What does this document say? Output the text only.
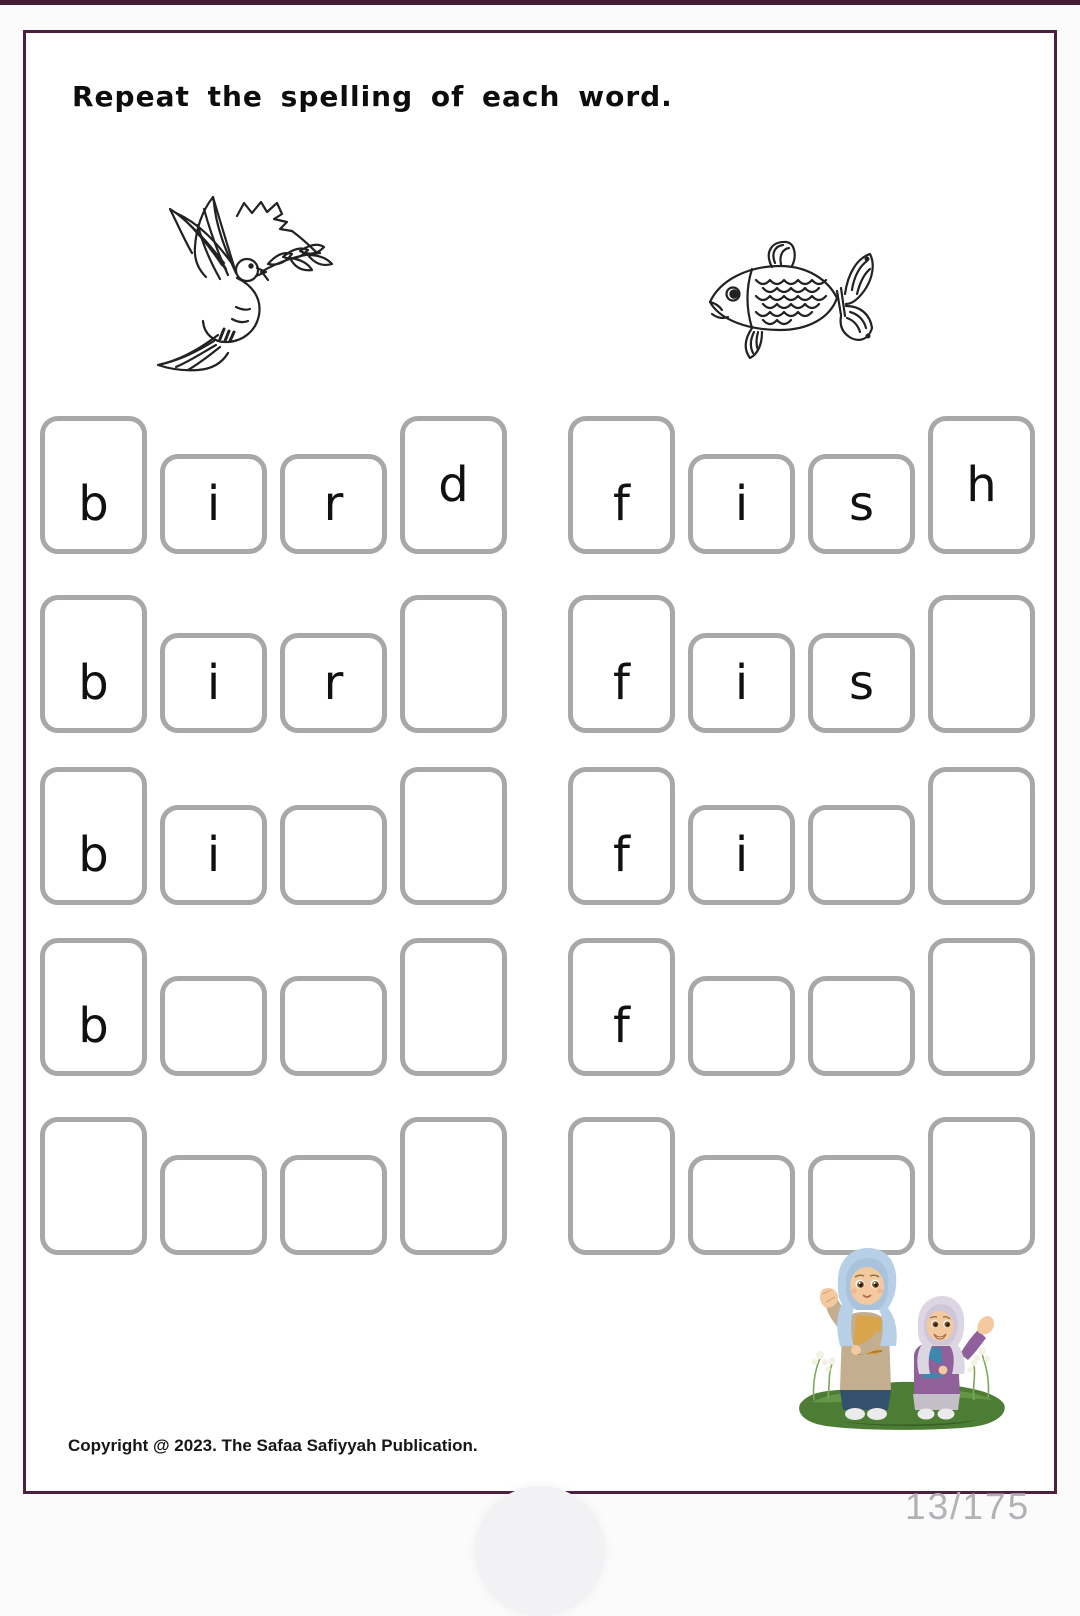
Repeat the spelling of each word.
b i r d	f i s h
b i r	f i s
b i	f i
b	f
Copyright @ 2023. The Safaa Safiyyah Publication.
13/175
